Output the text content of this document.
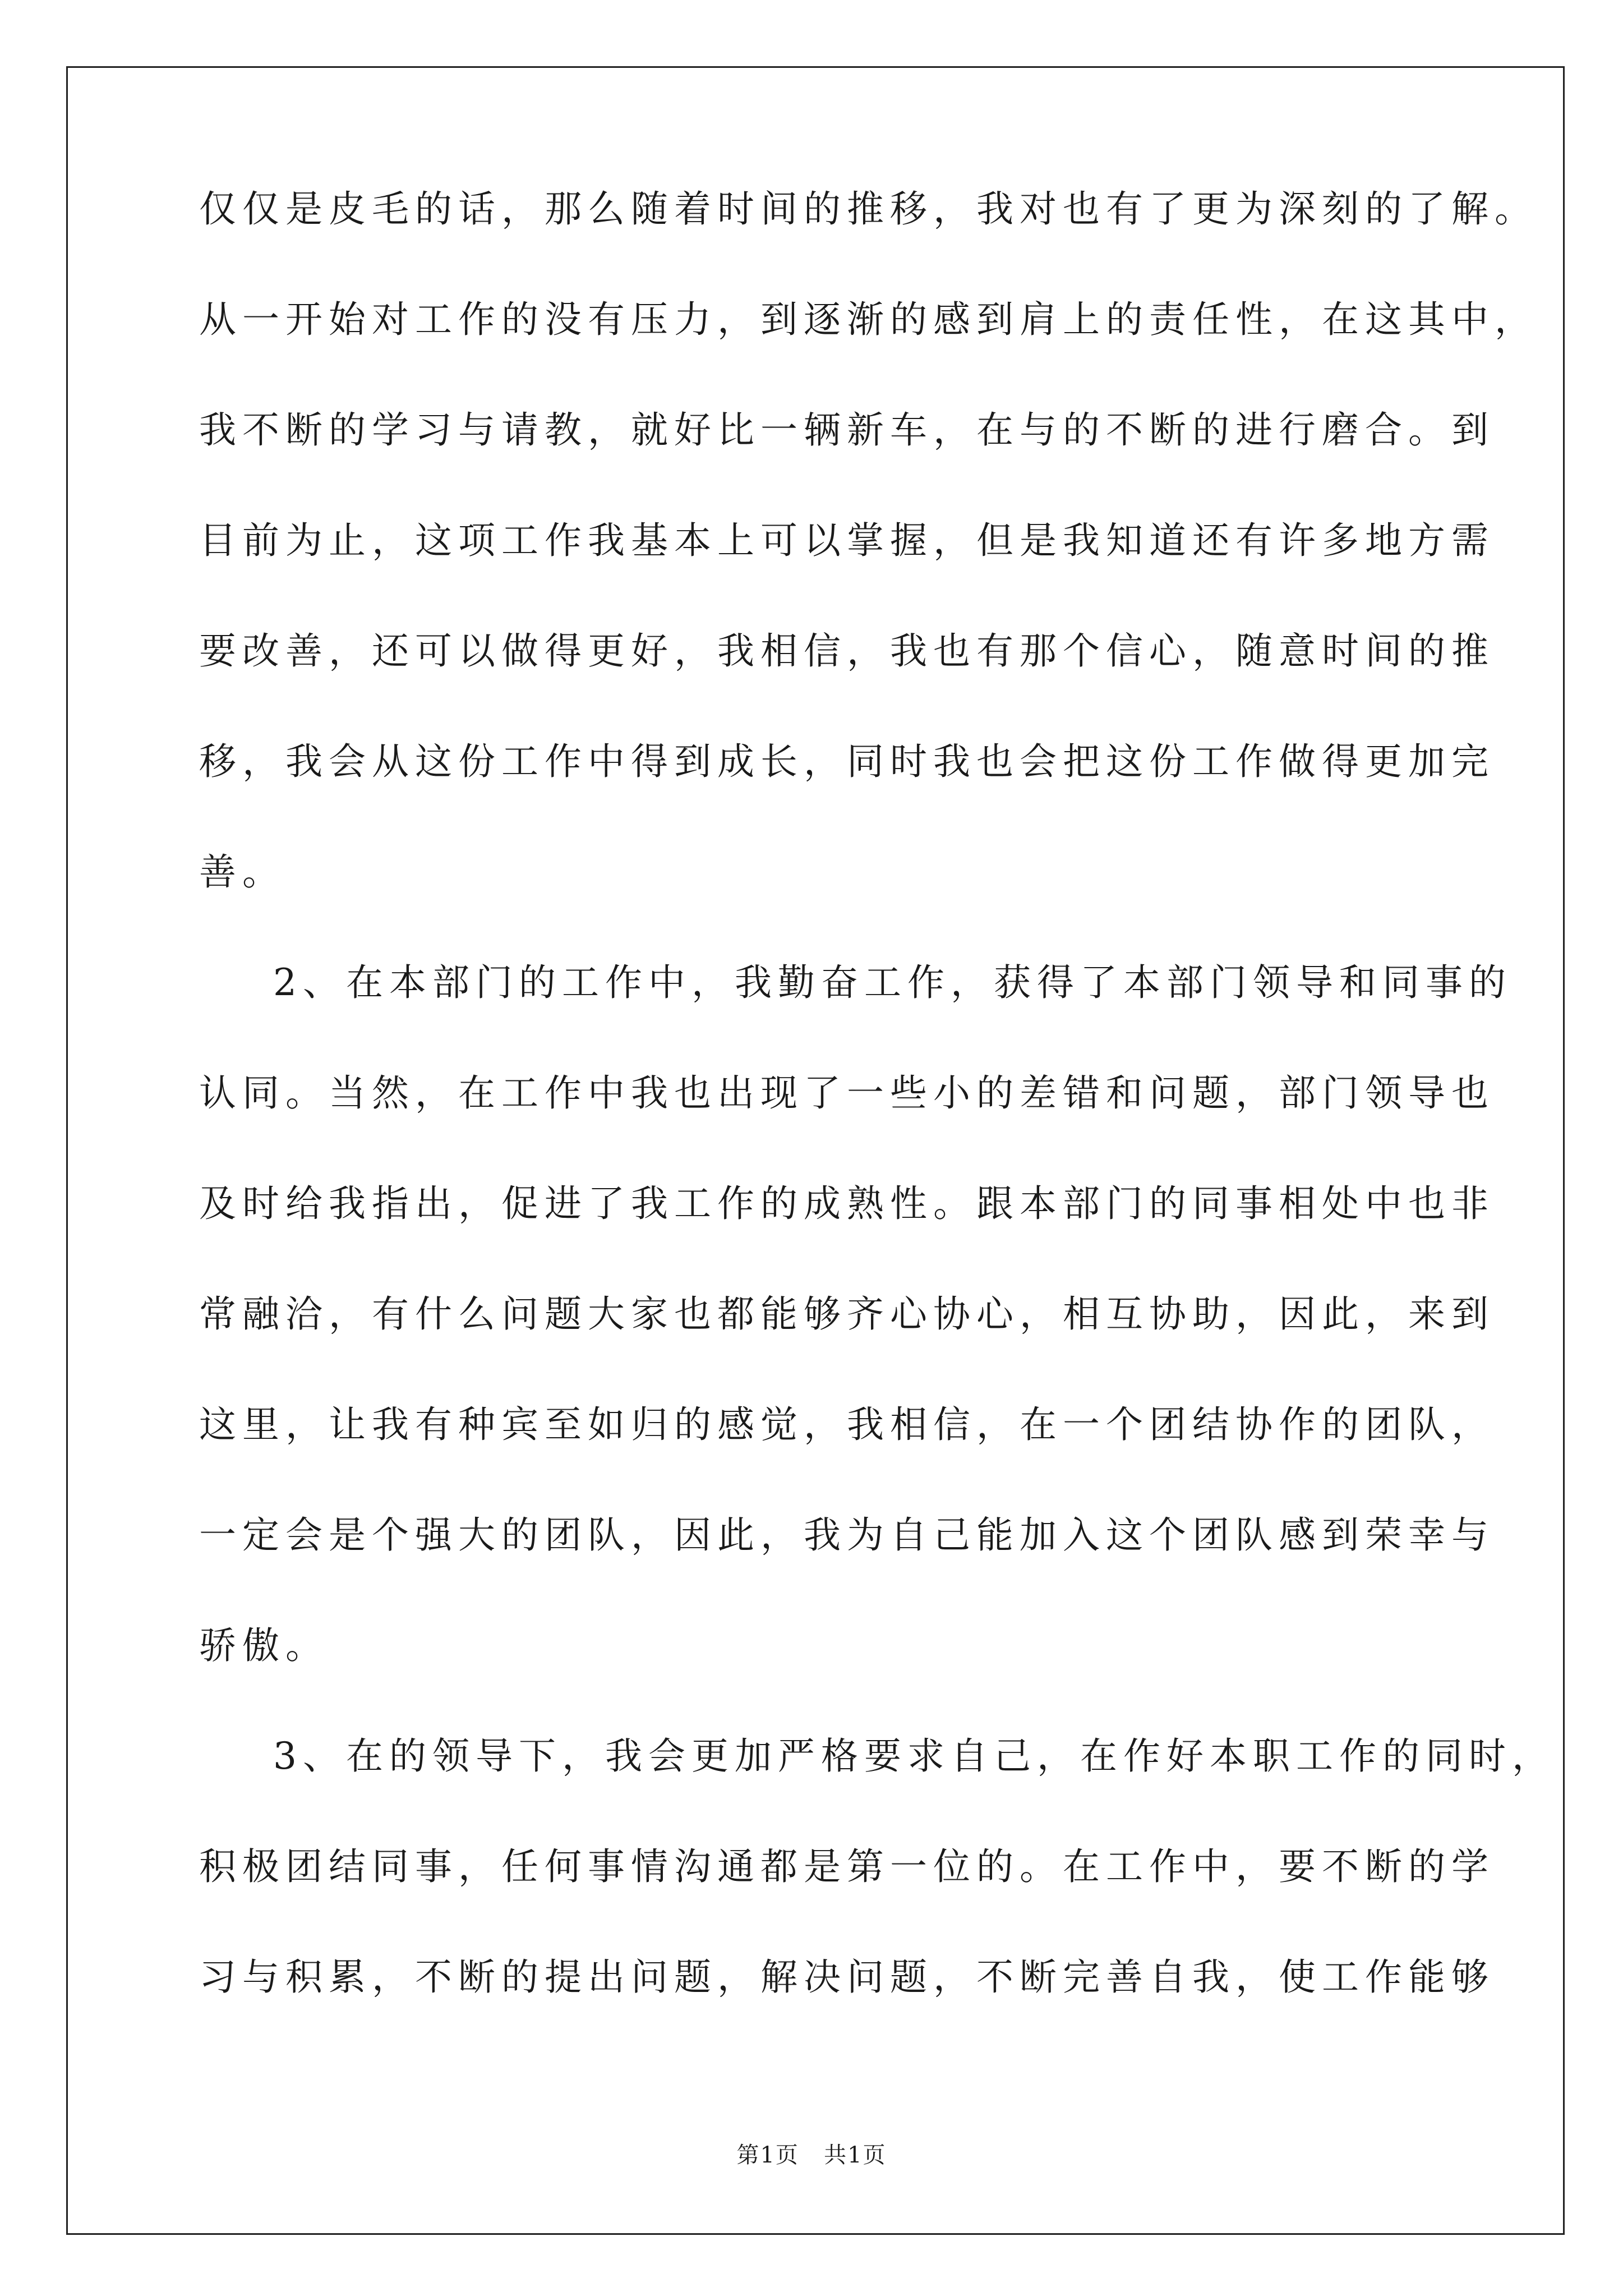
仅仅是皮毛的话，那么随着时间的推移，我对也有了更为深刻的了解。
从一开始对工作的没有压力，到逐渐的感到肩上的责任性，在这其中，
我不断的学习与请教，就好比一辆新车，在与的不断的进行磨合。到
目前为止，这项工作我基本上可以掌握，但是我知道还有许多地方需
要改善，还可以做得更好，我相信，我也有那个信心，随意时间的推
移，我会从这份工作中得到成长，同时我也会把这份工作做得更加完
善。
2、在本部门的工作中，我勤奋工作，获得了本部门领导和同事的
认同。当然，在工作中我也出现了一些小的差错和问题，部门领导也
及时给我指出，促进了我工作的成熟性。跟本部门的同事相处中也非
常融洽，有什么问题大家也都能够齐心协心，相互协助，因此，来到
这里，让我有种宾至如归的感觉，我相信，在一个团结协作的团队，
一定会是个强大的团队，因此，我为自己能加入这个团队感到荣幸与
骄傲。
3、在的领导下，我会更加严格要求自己，在作好本职工作的同时，
积极团结同事，任何事情沟通都是第一位的。在工作中，要不断的学
习与积累，不断的提出问题，解决问题，不断完善自我，使工作能够
第1页 共1页
